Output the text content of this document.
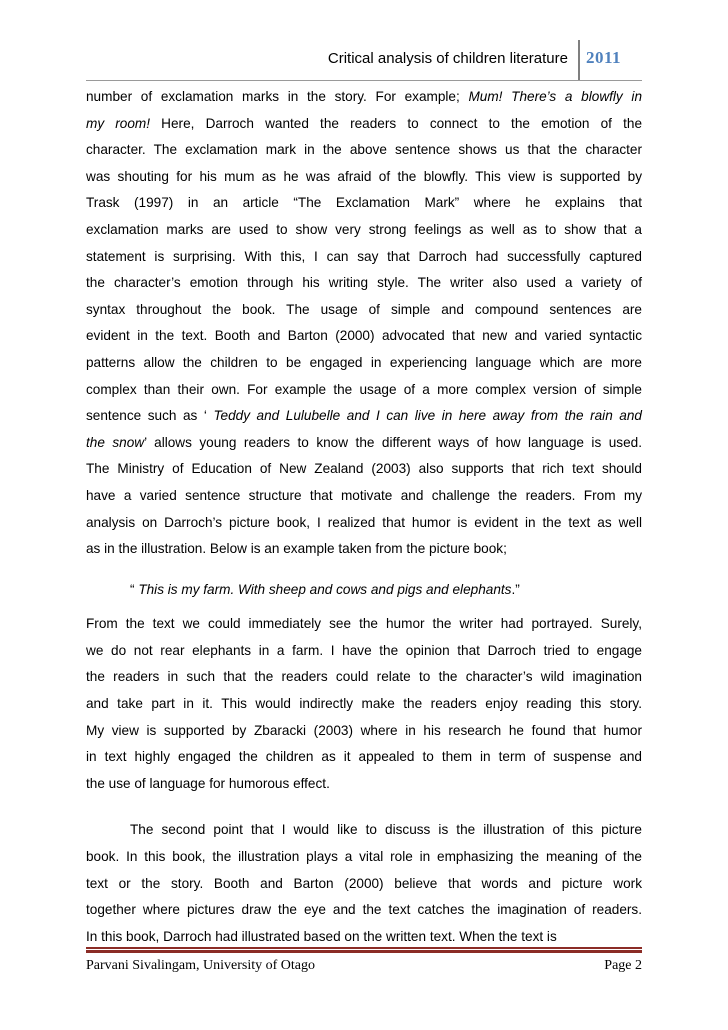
Critical analysis of children literature 2011
number of exclamation marks in the story. For example; Mum! There’s a blowfly in
my room! Here, Darroch wanted the readers to connect to the emotion of the
character. The exclamation mark in the above sentence shows us that the character
was shouting for his mum as he was afraid of the blowfly. This view is supported by
Trask (1997) in an article “The Exclamation Mark” where he explains that
exclamation marks are used to show very strong feelings as well as to show that a
statement is surprising. With this, I can say that Darroch had successfully captured
the character’s emotion through his writing style. The writer also used a variety of
syntax throughout the book. The usage of simple and compound sentences are
evident in the text. Booth and Barton (2000) advocated that new and varied syntactic
patterns allow the children to be engaged in experiencing language which are more
complex than their own. For example the usage of a more complex version of simple
sentence such as ‘ Teddy and Lulubelle and I can live in here away from the rain and
the snow’ allows young readers to know the different ways of how language is used.
The Ministry of Education of New Zealand (2003) also supports that rich text should
have a varied sentence structure that motivate and challenge the readers. From my
analysis on Darroch’s picture book, I realized that humor is evident in the text as well
as in the illustration. Below is an example taken from the picture book;
“ This is my farm. With sheep and cows and pigs and elephants.”
From the text we could immediately see the humor the writer had portrayed. Surely,
we do not rear elephants in a farm. I have the opinion that Darroch tried to engage
the readers in such that the readers could relate to the character’s wild imagination
and take part in it. This would indirectly make the readers enjoy reading this story.
My view is supported by Zbaracki (2003) where in his research he found that humor
in text highly engaged the children as it appealed to them in term of suspense and
the use of language for humorous effect.
The second point that I would like to discuss is the illustration of this picture
book. In this book, the illustration plays a vital role in emphasizing the meaning of the
text or the story. Booth and Barton (2000) believe that words and picture work
together where pictures draw the eye and the text catches the imagination of readers.
In this book, Darroch had illustrated based on the written text. When the text is
Parvani Sivalingam, University of Otago	Page 2
